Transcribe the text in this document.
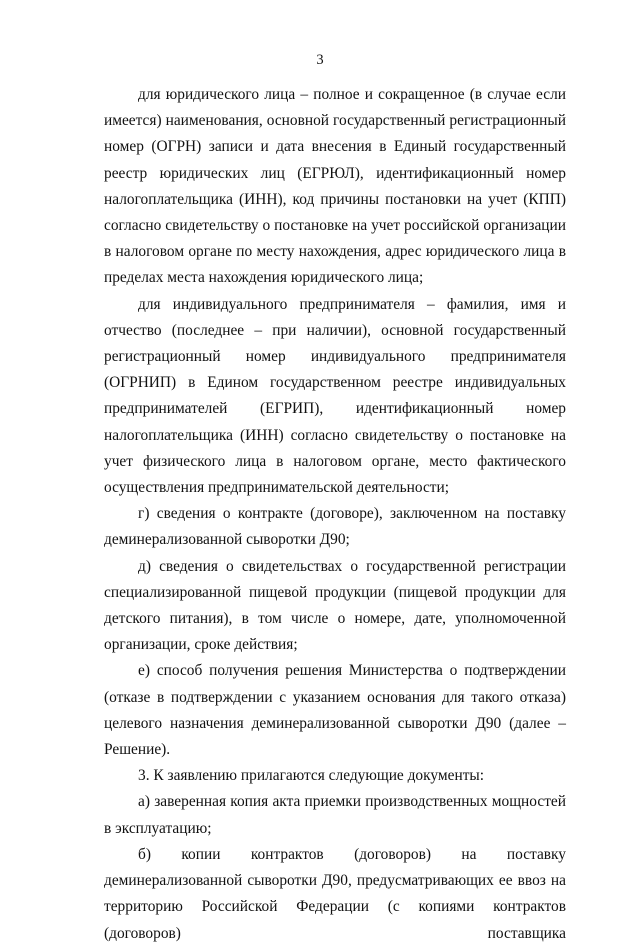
3

для юридического лица – полное и сокращенное (в случае если имеется) наименования, основной государственный регистрационный номер (ОГРН) записи и дата внесения в Единый государственный реестр юридических лиц (ЕГРЮЛ), идентификационный номер налогоплательщика (ИНН), код причины постановки на учет (КПП) согласно свидетельству о постановке на учет российской организации в налоговом органе по месту нахождения, адрес юридического лица в пределах места нахождения юридического лица;

для индивидуального предпринимателя – фамилия, имя и отчество (последнее – при наличии), основной государственный регистрационный номер индивидуального предпринимателя (ОГРНИП) в Едином государственном реестре индивидуальных предпринимателей (ЕГРИП), идентификационный номер налогоплательщика (ИНН) согласно свидетельству о постановке на учет физического лица в налоговом органе, место фактического осуществления предпринимательской деятельности;

г) сведения о контракте (договоре), заключенном на поставку деминерализованной сыворотки Д90;

д) сведения о свидетельствах о государственной регистрации специализированной пищевой продукции (пищевой продукции для детского питания), в том числе о номере, дате, уполномоченной организации, сроке действия;

е) способ получения решения Министерства о подтверждении (отказе в подтверждении с указанием основания для такого отказа) целевого назначения деминерализованной сыворотки Д90 (далее – Решение).

3. К заявлению прилагаются следующие документы:

а) заверенная копия акта приемки производственных мощностей в эксплуатацию;

б) копии контрактов (договоров) на поставку деминерализованной сыворотки Д90, предусматривающих ее ввоз на территорию Российской Федерации (с копиями контрактов (договоров) поставщика
